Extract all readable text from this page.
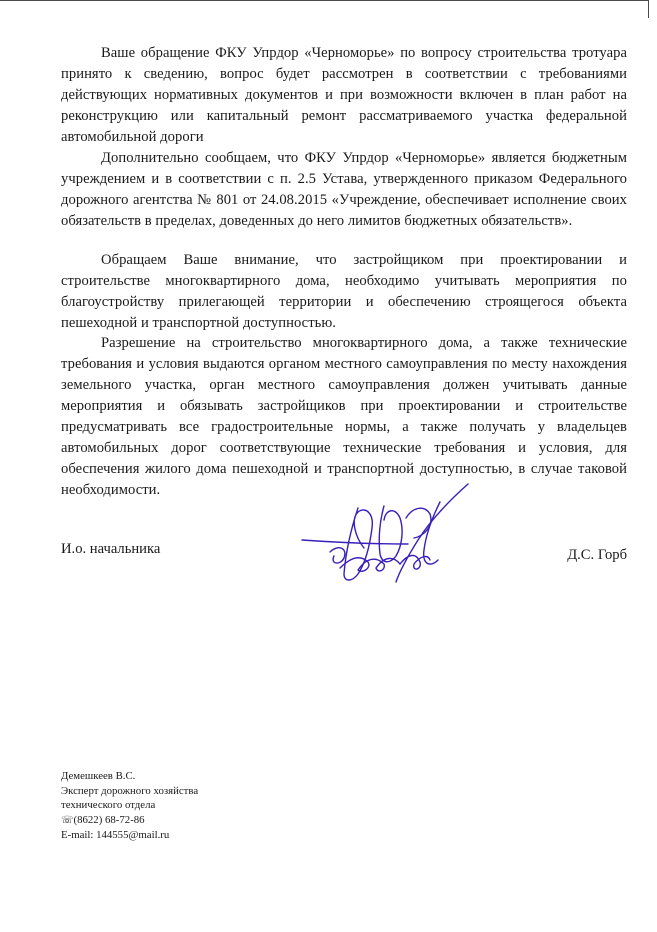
Ваше обращение ФКУ Упрдор «Черноморье» по вопросу строительства тротуара принято к сведению, вопрос будет рассмотрен в соответствии с требованиями действующих нормативных документов и при возможности включен в план работ на реконструкцию или капитальный ремонт рассматриваемого участка федеральной автомобильной дороги

Дополнительно сообщаем, что ФКУ Упрдор «Черноморье» является бюджетным учреждением и в соответствии с п. 2.5 Устава, утвержденного приказом Федерального дорожного агентства № 801 от 24.08.2015 «Учреждение, обеспечивает исполнение своих обязательств в пределах, доведенных до него лимитов бюджетных обязательств».

Обращаем Ваше внимание, что застройщиком при проектировании и строительстве многоквартирного дома, необходимо учитывать мероприятия по благоустройству прилегающей территории и обеспечению строящегося объекта пешеходной и транспортной доступностью.

Разрешение на строительство многоквартирного дома, а также технические требования и условия выдаются органом местного самоуправления по месту нахождения земельного участка, орган местного самоуправления должен учитывать данные мероприятия и обязывать застройщиков при проектировании и строительстве предусматривать все градостроительные нормы, а также получать у владельцев автомобильных дорог соответствующие технические требования и условия, для обеспечения жилого дома пешеходной и транспортной доступностью, в случае таковой необходимости.

И.о. начальника	Д.С. Горб

Демешкеев В.С.
Эксперт дорожного хозяйства
технического отдела
☏(8622) 68-72-86
E-mail: 144555@mail.ru
